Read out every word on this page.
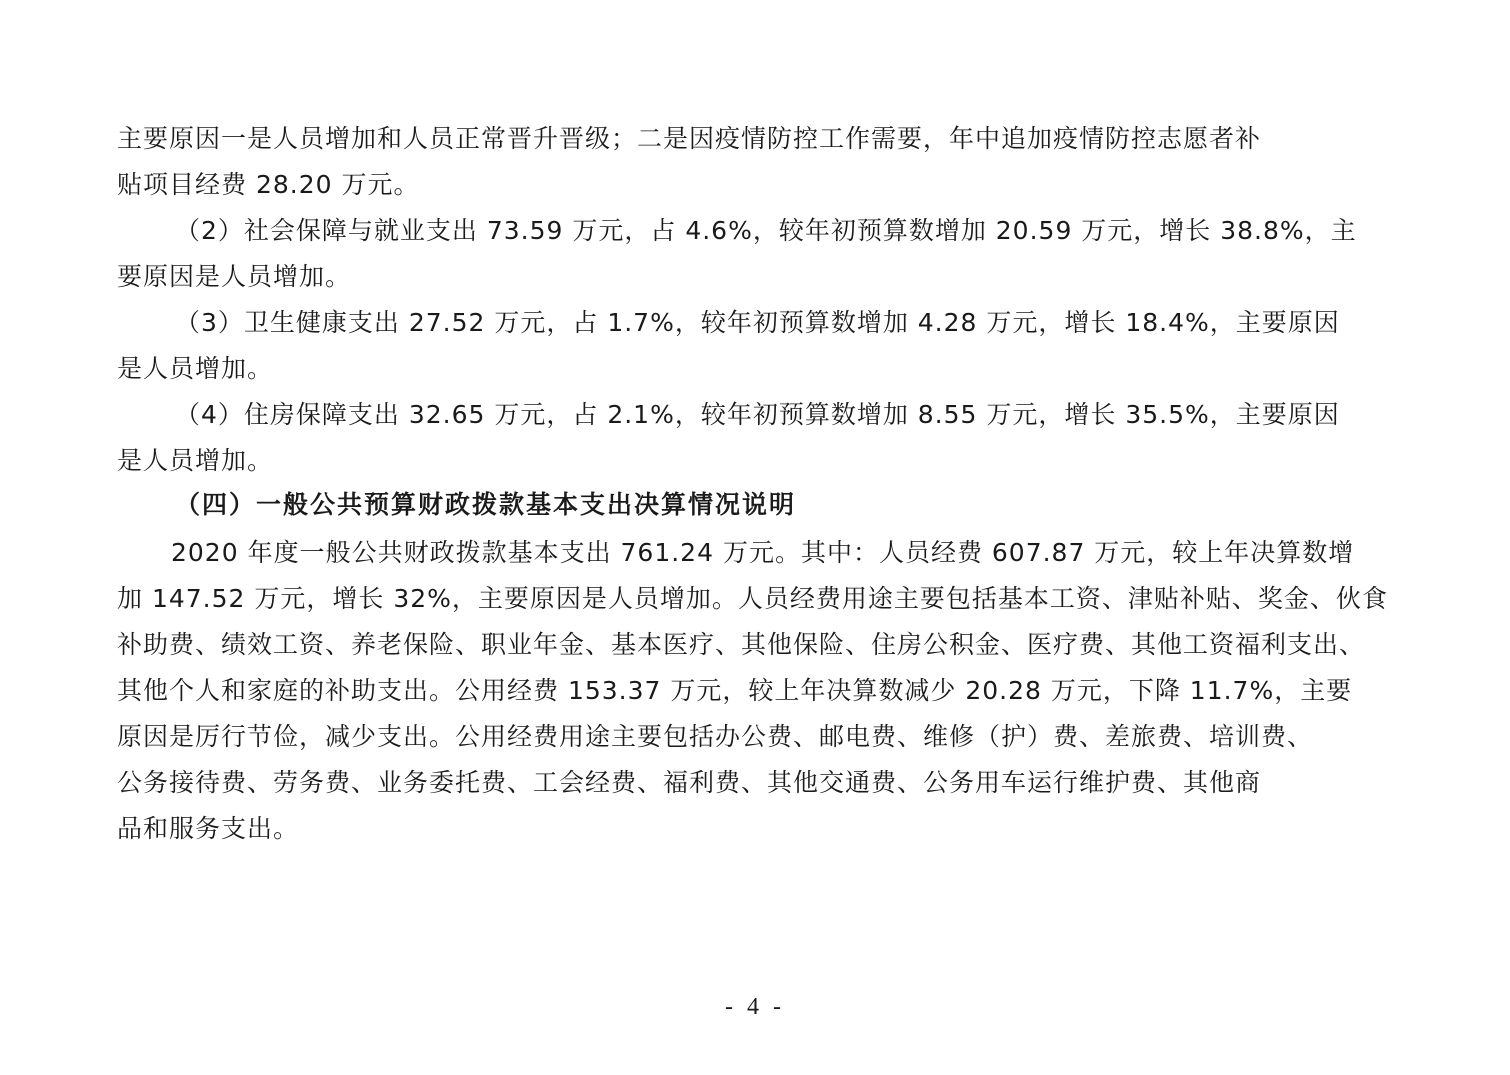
主要原因一是人员增加和人员正常晋升晋级；二是因疫情防控工作需要，年中追加疫情防控志愿者补
贴项目经费 28.20 万元。
（2）社会保障与就业支出 73.59 万元，占 4.6%，较年初预算数增加 20.59 万元，增长 38.8%，主
要原因是人员增加。
（3）卫生健康支出 27.52 万元，占 1.7%，较年初预算数增加 4.28 万元，增长 18.4%，主要原因
是人员增加。
（4）住房保障支出 32.65 万元，占 2.1%，较年初预算数增加 8.55 万元，增长 35.5%，主要原因
是人员增加。
（四）一般公共预算财政拨款基本支出决算情况说明
2020 年度一般公共财政拨款基本支出 761.24 万元。其中：人员经费 607.87 万元，较上年决算数增
加 147.52 万元，增长 32%，主要原因是人员增加。人员经费用途主要包括基本工资、津贴补贴、奖金、伙食
补助费、绩效工资、养老保险、职业年金、基本医疗、其他保险、住房公积金、医疗费、其他工资福利支出、
其他个人和家庭的补助支出。公用经费 153.37 万元，较上年决算数减少 20.28 万元，下降 11.7%，主要
原因是厉行节俭，减少支出。公用经费用途主要包括办公费、邮电费、维修（护）费、差旅费、培训费、
公务接待费、劳务费、业务委托费、工会经费、福利费、其他交通费、公务用车运行维护费、其他商
品和服务支出。
- 4 -
